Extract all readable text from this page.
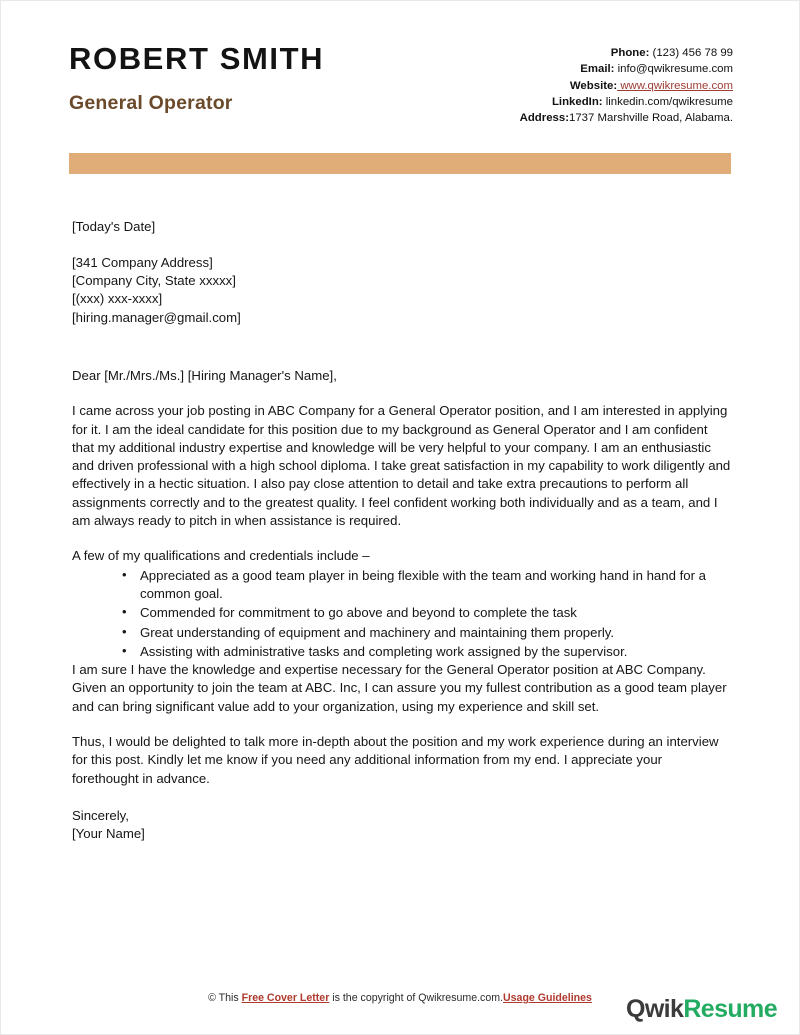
ROBERT SMITH
General Operator
Phone: (123) 456 78 99
Email: info@qwikresume.com
Website: www.qwikresume.com
LinkedIn: linkedin.com/qwikresume
Address:1737 Marshville Road, Alabama.
[Today's Date]
[341 Company Address]
[Company City, State xxxxx]
[(xxx) xxx-xxxx]
[hiring.manager@gmail.com]
Dear [Mr./Mrs./Ms.] [Hiring Manager's Name],

I came across your job posting in ABC Company for a General Operator position, and I am interested in applying for it. I am the ideal candidate for this position due to my background as General Operator and I am confident that my additional industry expertise and knowledge will be very helpful to your company. I am an enthusiastic and driven professional with a high school diploma. I take great satisfaction in my capability to work diligently and effectively in a hectic situation. I also pay close attention to detail and take extra precautions to perform all assignments correctly and to the greatest quality. I feel confident working both individually and as a team, and I am always ready to pitch in when assistance is required.

A few of my qualifications and credentials include –

• Appreciated as a good team player in being flexible with the team and working hand in hand for a common goal.
• Commended for commitment to go above and beyond to complete the task
• Great understanding of equipment and machinery and maintaining them properly.
• Assisting with administrative tasks and completing work assigned by the supervisor.

I am sure I have the knowledge and expertise necessary for the General Operator position at ABC Company. Given an opportunity to join the team at ABC. Inc, I can assure you my fullest contribution as a good team player and can bring significant value add to your organization, using my experience and skill set.

Thus, I would be delighted to talk more in-depth about the position and my work experience during an interview for this post. Kindly let me know if you need any additional information from my end. I appreciate your forethought in advance.

Sincerely,
[Your Name]
© This Free Cover Letter is the copyright of Qwikresume.com.Usage Guidelines	QwikResume
